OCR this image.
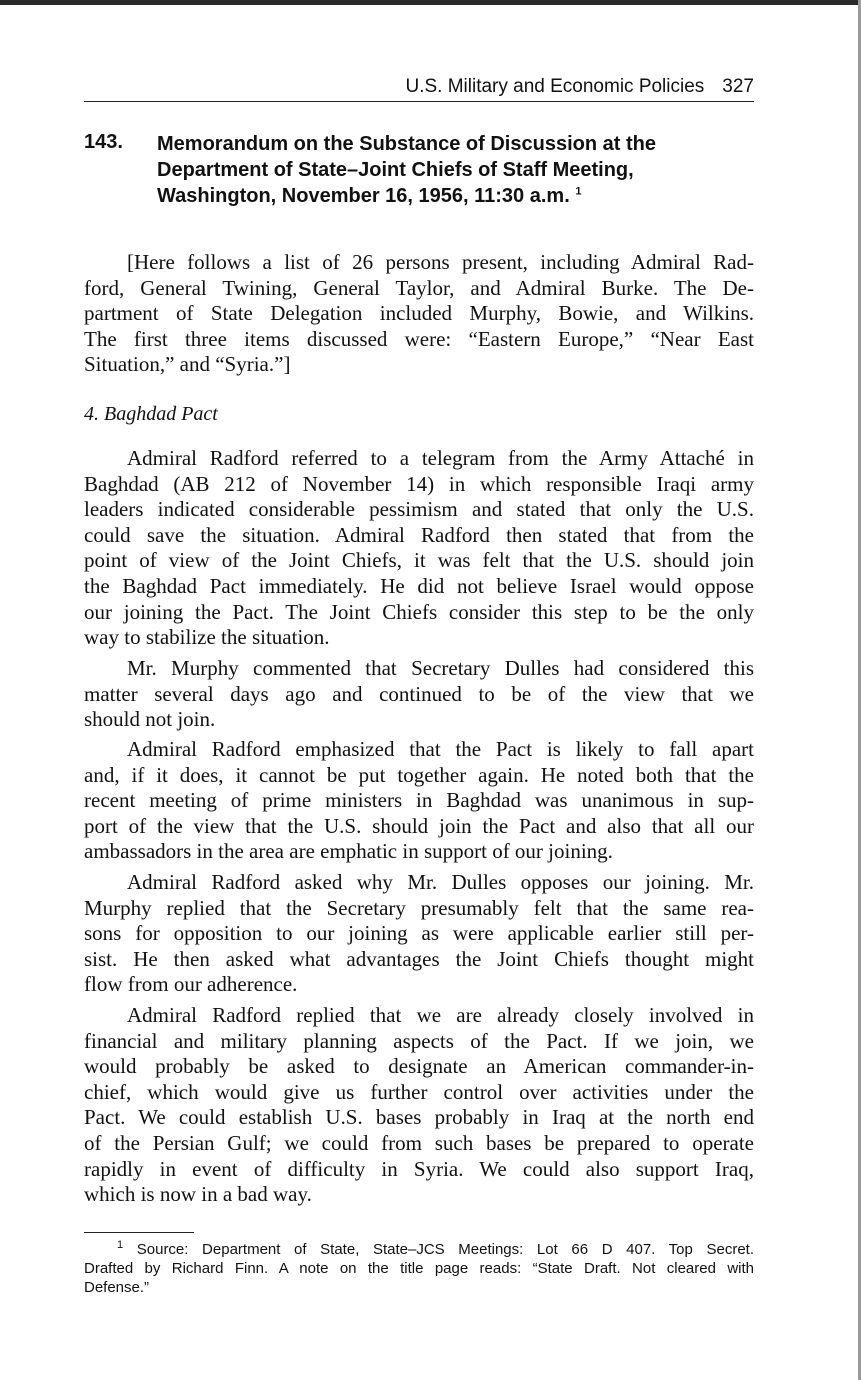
U.S. Military and Economic Policies 327
143. Memorandum on the Substance of Discussion at the
Department of State–Joint Chiefs of Staff Meeting,
Washington, November 16, 1956, 11:30 a.m. $^1$
[Here follows a list of 26 persons present, including Admiral Rad-
ford, General Twining, General Taylor, and Admiral Burke. The De-
partment of State Delegation included Murphy, Bowie, and Wilkins.
The first three items discussed were: “Eastern Europe,” “Near East
Situation,” and “Syria.”]
4. Baghdad Pact
Admiral Radford referred to a telegram from the Army Attaché in
Baghdad (AB 212 of November 14) in which responsible Iraqi army
leaders indicated considerable pessimism and stated that only the U.S.
could save the situation. Admiral Radford then stated that from the
point of view of the Joint Chiefs, it was felt that the U.S. should join
the Baghdad Pact immediately. He did not believe Israel would oppose
our joining the Pact. The Joint Chiefs consider this step to be the only
way to stabilize the situation.
Mr. Murphy commented that Secretary Dulles had considered this
matter several days ago and continued to be of the view that we
should not join.
Admiral Radford emphasized that the Pact is likely to fall apart
and, if it does, it cannot be put together again. He noted both that the
recent meeting of prime ministers in Baghdad was unanimous in sup-
port of the view that the U.S. should join the Pact and also that all our
ambassadors in the area are emphatic in support of our joining.
Admiral Radford asked why Mr. Dulles opposes our joining. Mr.
Murphy replied that the Secretary presumably felt that the same rea-
sons for opposition to our joining as were applicable earlier still per-
sist. He then asked what advantages the Joint Chiefs thought might
flow from our adherence.
Admiral Radford replied that we are already closely involved in
financial and military planning aspects of the Pact. If we join, we
would probably be asked to designate an American commander-in-
chief, which would give us further control over activities under the
Pact. We could establish U.S. bases probably in Iraq at the north end
of the Persian Gulf; we could from such bases be prepared to operate
rapidly in event of difficulty in Syria. We could also support Iraq,
which is now in a bad way.
$^1$ Source: Department of State, State–JCS Meetings: Lot 66 D 407. Top Secret.
Drafted by Richard Finn. A note on the title page reads: “State Draft. Not cleared with
Defense.”
